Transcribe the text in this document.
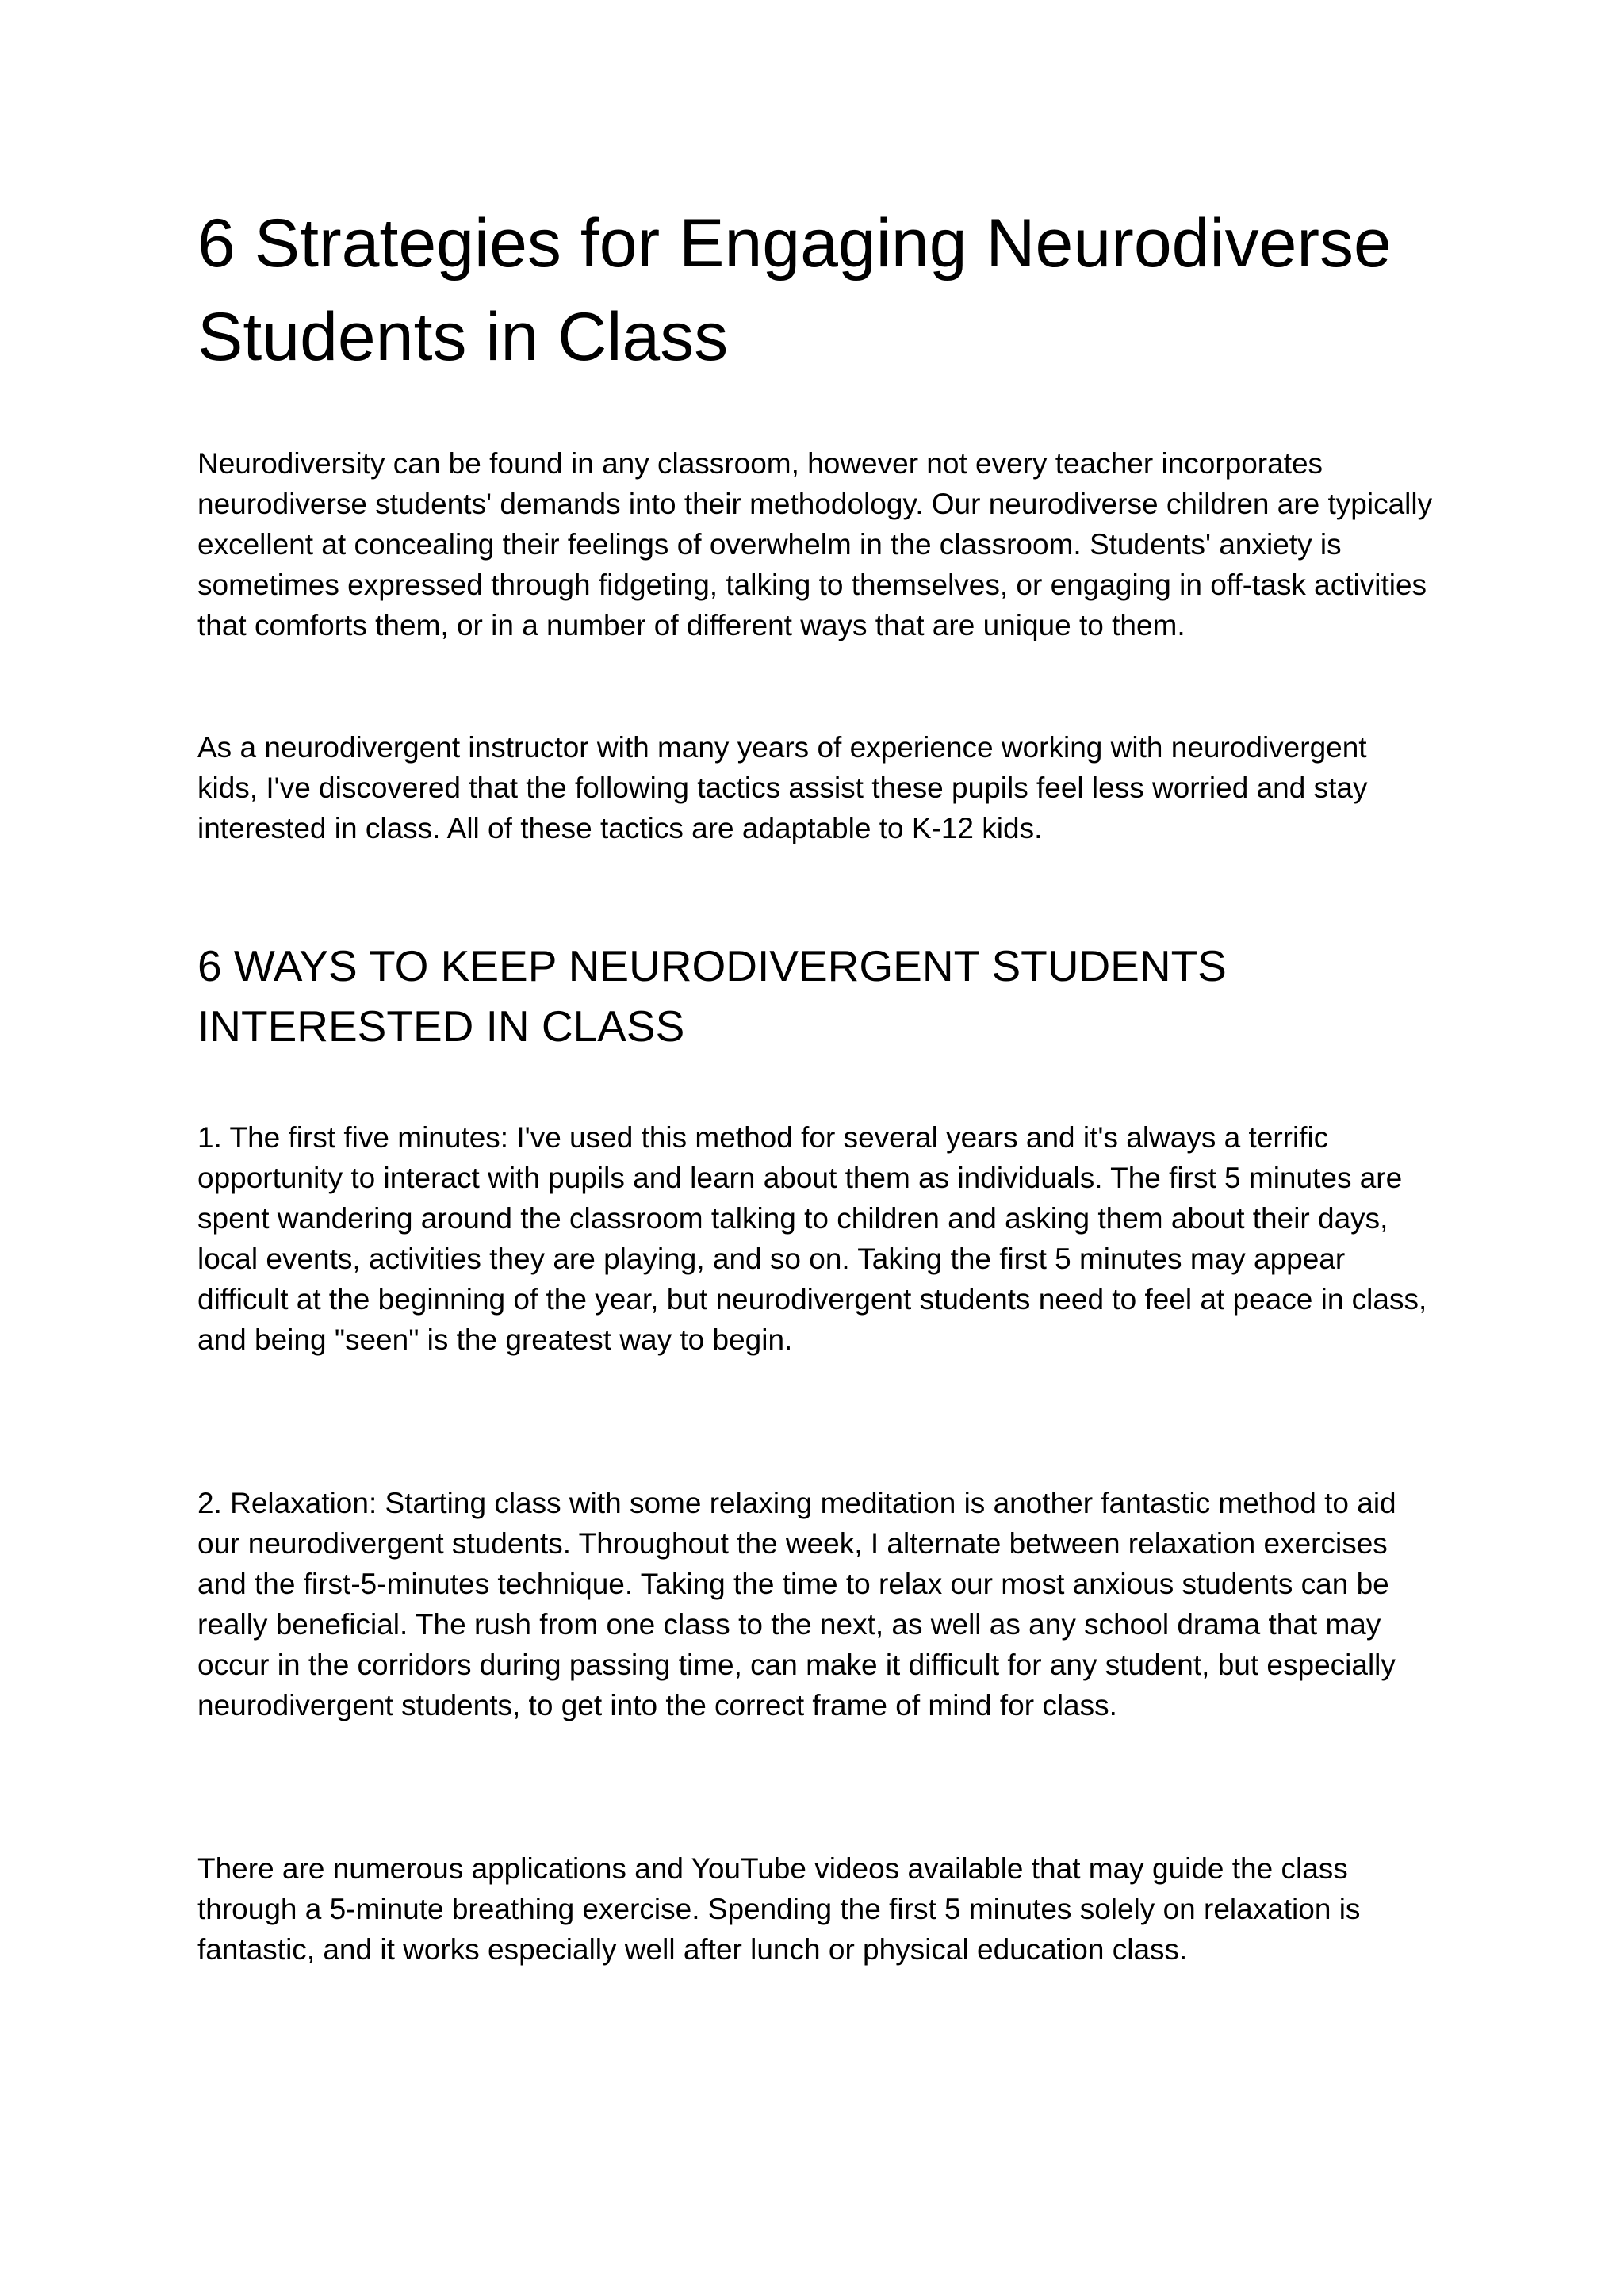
6 Strategies for Engaging Neurodiverse Students in Class

Neurodiversity can be found in any classroom, however not every teacher incorporates neurodiverse students' demands into their methodology. Our neurodiverse children are typically excellent at concealing their feelings of overwhelm in the classroom. Students' anxiety is sometimes expressed through fidgeting, talking to themselves, or engaging in off-task activities that comforts them, or in a number of different ways that are unique to them.

As a neurodivergent instructor with many years of experience working with neurodivergent kids, I've discovered that the following tactics assist these pupils feel less worried and stay interested in class. All of these tactics are adaptable to K-12 kids.

6 WAYS TO KEEP NEURODIVERGENT STUDENTS INTERESTED IN CLASS

1. The first five minutes: I've used this method for several years and it's always a terrific opportunity to interact with pupils and learn about them as individuals. The first 5 minutes are spent wandering around the classroom talking to children and asking them about their days, local events, activities they are playing, and so on. Taking the first 5 minutes may appear difficult at the beginning of the year, but neurodivergent students need to feel at peace in class, and being "seen" is the greatest way to begin.

2. Relaxation: Starting class with some relaxing meditation is another fantastic method to aid our neurodivergent students. Throughout the week, I alternate between relaxation exercises and the first-5-minutes technique. Taking the time to relax our most anxious students can be really beneficial. The rush from one class to the next, as well as any school drama that may occur in the corridors during passing time, can make it difficult for any student, but especially neurodivergent students, to get into the correct frame of mind for class.

There are numerous applications and YouTube videos available that may guide the class through a 5-minute breathing exercise. Spending the first 5 minutes solely on relaxation is fantastic, and it works especially well after lunch or physical education class.
